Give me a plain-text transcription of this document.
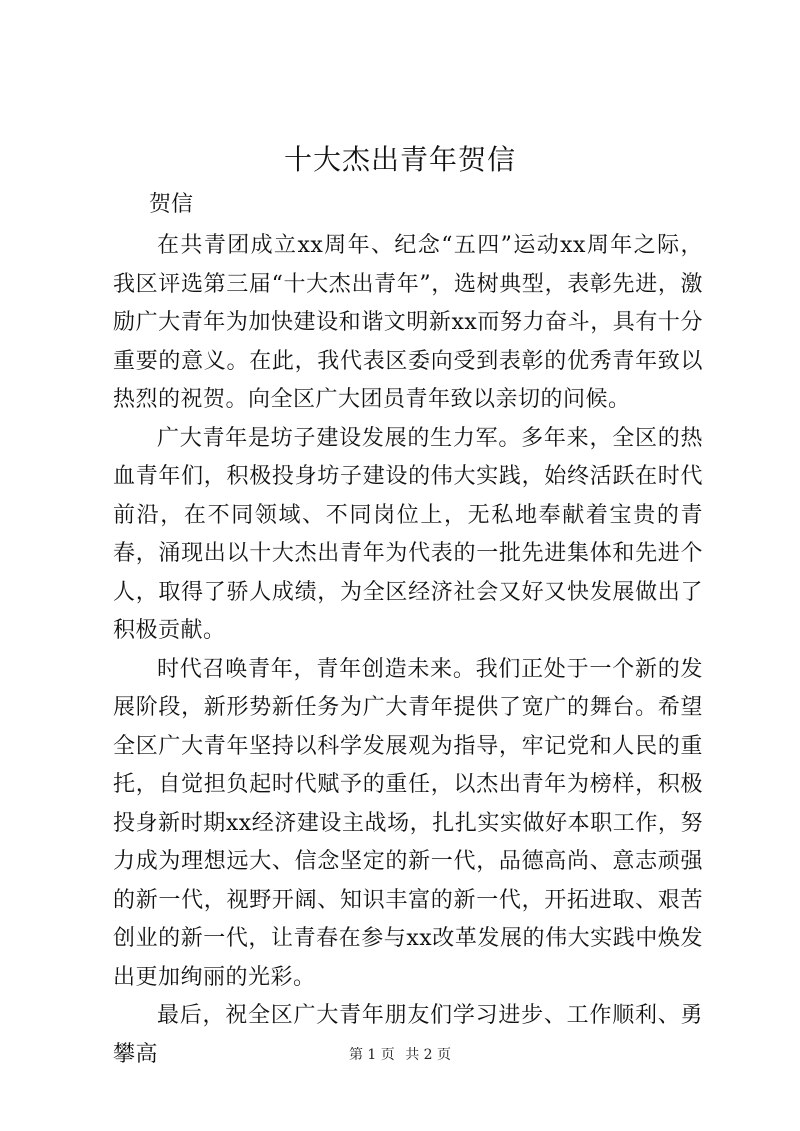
十大杰出青年贺信

贺信

在共青团成立xx周年、纪念“五四”运动xx周年之际，我区评选第三届“十大杰出青年”，选树典型，表彰先进，激励广大青年为加快建设和谐文明新xx而努力奋斗，具有十分重要的意义。在此，我代表区委向受到表彰的优秀青年致以热烈的祝贺。向全区广大团员青年致以亲切的问候。

广大青年是坊子建设发展的生力军。多年来，全区的热血青年们，积极投身坊子建设的伟大实践，始终活跃在时代前沿，在不同领域、不同岗位上，无私地奉献着宝贵的青春，涌现出以十大杰出青年为代表的一批先进集体和先进个人，取得了骄人成绩，为全区经济社会又好又快发展做出了积极贡献。

时代召唤青年，青年创造未来。我们正处于一个新的发展阶段，新形势新任务为广大青年提供了宽广的舞台。希望全区广大青年坚持以科学发展观为指导，牢记党和人民的重托，自觉担负起时代赋予的重任，以杰出青年为榜样，积极投身新时期xx经济建设主战场，扎扎实实做好本职工作，努力成为理想远大、信念坚定的新一代，品德高尚、意志顽强的新一代，视野开阔、知识丰富的新一代，开拓进取、艰苦创业的新一代，让青春在参与xx改革发展的伟大实践中焕发出更加绚丽的光彩。

最后，祝全区广大青年朋友们学习进步、工作顺利、勇攀高	第 1 页 共 2 页
